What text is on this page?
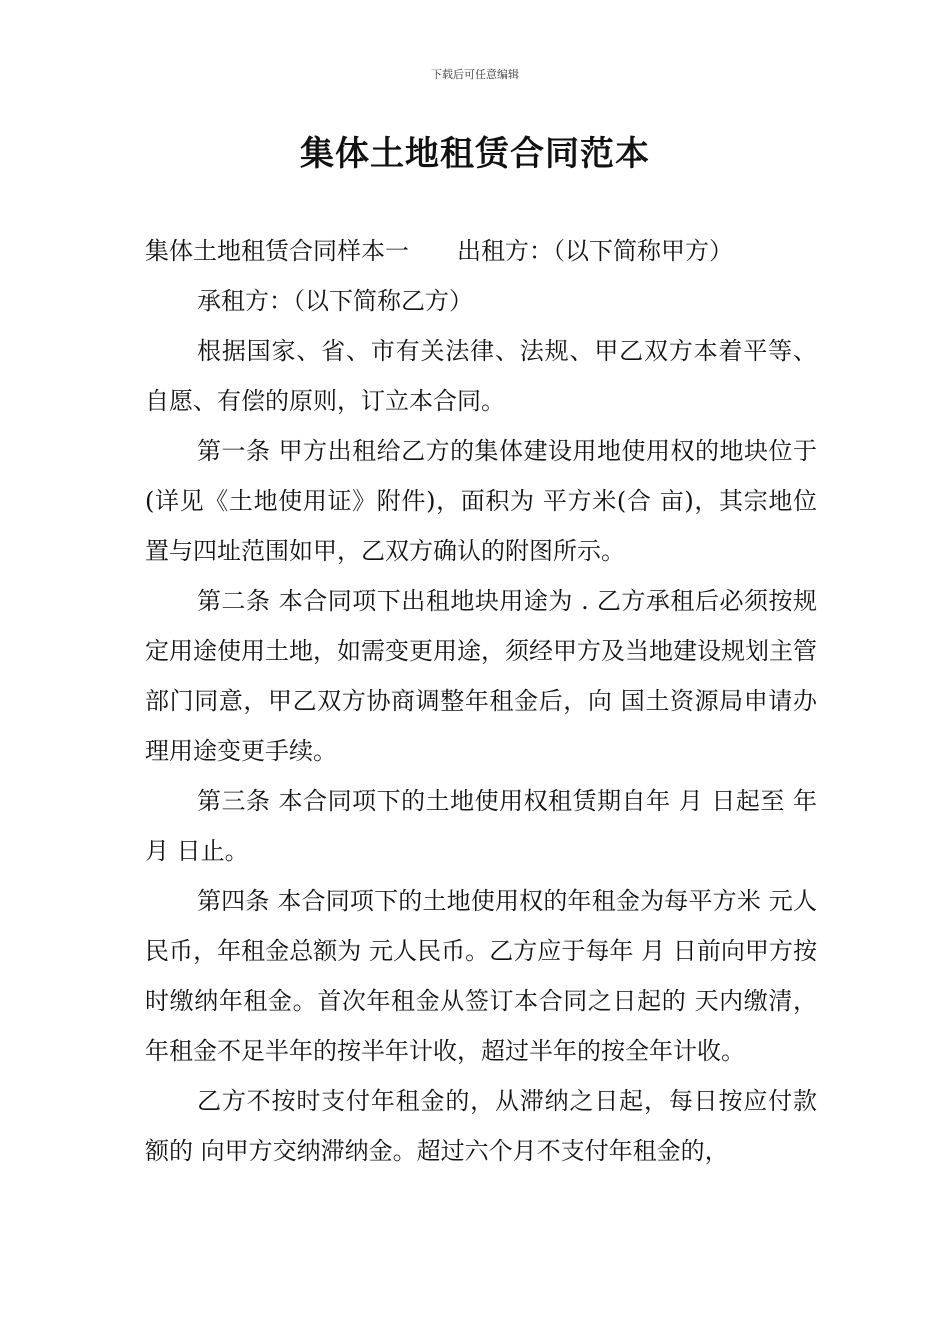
下载后可任意编辑
集体土地租赁合同范本

集体土地租赁合同样本一 出租方：（以下简称甲方）

承租方：（以下简称乙方）

根据国家、省、市有关法律、法规、甲乙双方本着平等、自愿、有偿的原则，订立本合同。

第一条 甲方出租给乙方的集体建设用地使用权的地块位于 (详见《土地使用证》附件)，面积为 平方米(合 亩)，其宗地位置与四址范围如甲，乙双方确认的附图所示。

第二条 本合同项下出租地块用途为 . 乙方承租后必须按规定用途使用土地，如需变更用途，须经甲方及当地建设规划主管部门同意，甲乙双方协商调整年租金后，向 国土资源局申请办理用途变更手续。

第三条 本合同项下的土地使用权租赁期自年 月 日起至 年 月 日止。

第四条 本合同项下的土地使用权的年租金为每平方米 元人民币，年租金总额为 元人民币。乙方应于每年 月 日前向甲方按时缴纳年租金。首次年租金从签订本合同之日起的 天内缴清，年租金不足半年的按半年计收，超过半年的按全年计收。

乙方不按时支付年租金的，从滞纳之日起，每日按应付款额的 向甲方交纳滞纳金。超过六个月不支付年租金的，
